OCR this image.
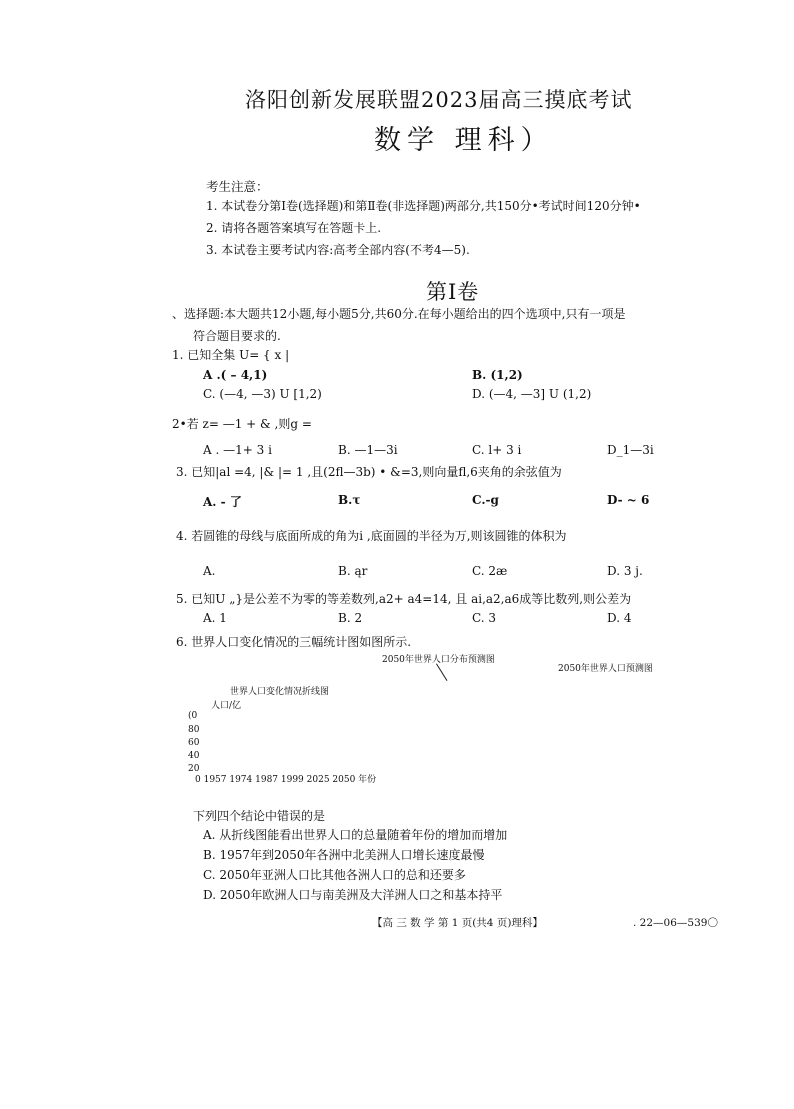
洛阳创新发展联盟2023届高三摸底考试
数学 理科）
考生注意：
1. 本试卷分第Ⅰ卷(选择题)和第Ⅱ卷(非选择题)两部分,共150分•考试时间120分钟•
2. 请将各题答案填写在答题卡上.
3. 本试卷主要考试内容:高考全部内容(不考4—5).
第I卷
、选择题:本大题共12小题,每小题5分,共60分.在每小题给出的四个选项中,只有一项是
符合题目要求的.
1. 已知全集 U= { x |
A .( – 4,1)	B. (1,2)
C. (—4, —3) U [1,2)	D. (—4, —3] U (1,2)
2•若 z= —1 + & ,则g =
A . —1+ 3 i	B. —1—3i	C. l+ 3 i	D_1—3i
3. 已知|al =4, |& |= 1 ,且(2fl—3b) • &=3,则向量fl,6夹角的余弦值为
A. - 了	B.τ	C.-g	D- ~ 6
4. 若圆锥的母线与底面所成的角为i ,底面圆的半径为万,则该圆锥的体积为
A.	B. ąr	C. 2æ	D. 3 j.
5. 已知U „}是公差不为零的等差数列,a2+ a4=14, 且 ai,a2,a6成等比数列,则公差为
A. 1	B. 2	C. 3	D. 4
6. 世界人口变化情况的三幅统计图如图所示.
2050年世界人口分布预测图
2050年世界人口预测图
世界人口变化情况折线图
人口/亿
(0
80
60
40
20
0 1957 1974 1987 1999 2025 2050 年份
下列四个结论中错误的是
A. 从折线图能看出世界人口的总量随着年份的增加而增加
B. 1957年到2050年各洲中北美洲人口增长速度最慢
C. 2050年亚洲人口比其他各洲人口的总和还要多
D. 2050年欧洲人口与南美洲及大洋洲人口之和基本持平
【高 三 数 学 第 1 页(共4 页)理科】	. 22—06—539〇
